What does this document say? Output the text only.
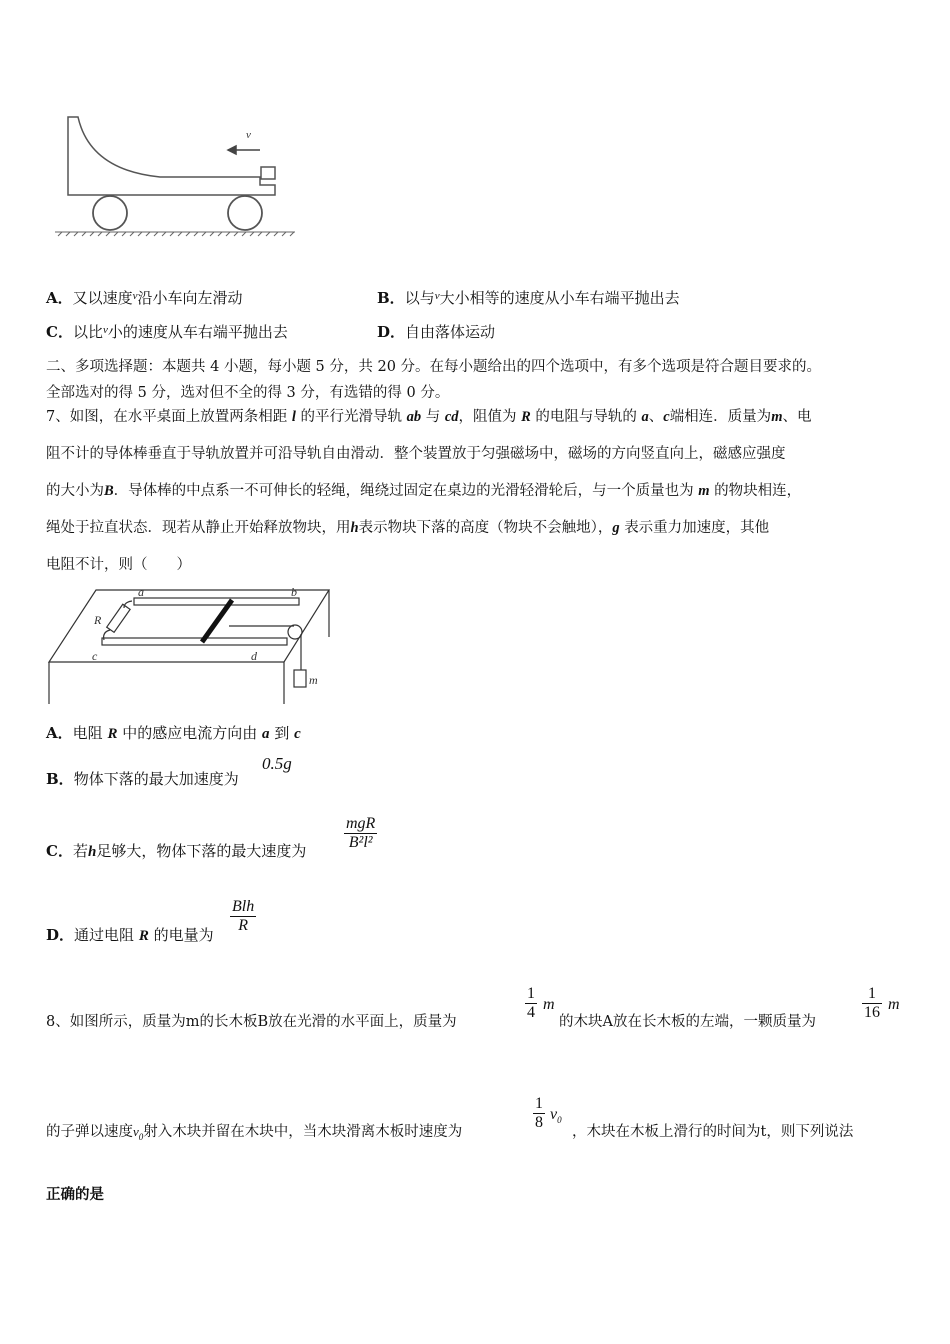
v
A．又以速度$^v$沿小车向左滑动	B．以与$^v$大小相等的速度从小车右端平抛出去
C．以比$^v$小的速度从车右端平抛出去	D．自由落体运动
二、多项选择题：本题共 4 小题，每小题 5 分，共 20 分。在每小题给出的四个选项中，有多个选项是符合题目要求的。
全部选对的得 5 分，选对但不全的得 3 分，有选错的得 0 分。
7、如图，在水平桌面上放置两条相距 l 的平行光滑导轨 ab 与 cd，阻值为 R 的电阻与导轨的 a、c端相连．质量为m、电
阻不计的导体棒垂直于导轨放置并可沿导轨自由滑动．整个装置放于匀强磁场中，磁场的方向竖直向上，磁感应强度
的大小为B．导体棒的中点系一不可伸长的轻绳，绳绕过固定在桌边的光滑轻滑轮后，与一个质量也为 m 的物块相连，
绳处于拉直状态．现若从静止开始释放物块，用h表示物块下落的高度（物块不会触地），g 表示重力加速度，其他
电阻不计，则（　　）
a	b
c	d
R
m
A．电阻 R 中的感应电流方向由 a 到 c
B．物体下落的最大加速度为
0.5g
C．若h足够大，物体下落的最大速度为
mgR
B²l²
D．通过电阻 R 的电量为
Blh
R
8、如图所示，质量为m的长木板B放在光滑的水平面上，质量为
1
4 m
的木块A放在长木板的左端，一颗质量为
1
16 m
的子弹以速度$v_0$射入木块并留在木块中，当木块滑离木板时速度为
1
8 $v_0$
，木块在木板上滑行的时间为t，则下列说法
正确的是
